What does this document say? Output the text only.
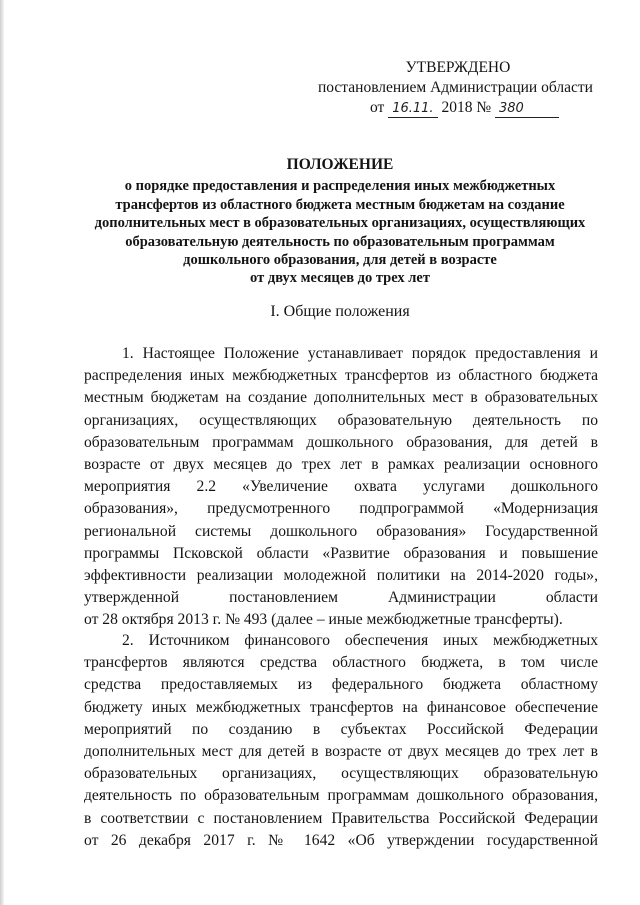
УТВЕРЖДЕНО
постановлением Администрации области
от 16.11. 2018 № 380
ПОЛОЖЕНИЕ
о порядке предоставления и распределения иных межбюджетных
трансфертов из областного бюджета местным бюджетам на создание
дополнительных мест в образовательных организациях, осуществляющих
образовательную деятельность по образовательным программам
дошкольного образования, для детей в возрасте
от двух месяцев до трех лет
I. Общие положения
1. Настоящее Положение устанавливает порядок предоставления и
распределения иных межбюджетных трансфертов из областного бюджета
местным бюджетам на создание дополнительных мест в образовательных
организациях, осуществляющих образовательную деятельность по
образовательным программам дошкольного образования, для детей в
возрасте от двух месяцев до трех лет в рамках реализации основного
мероприятия 2.2 «Увеличение охвата услугами дошкольного
образования», предусмотренного подпрограммой «Модернизация
региональной системы дошкольного образования» Государственной
программы Псковской области «Развитие образования и повышение
эффективности реализации молодежной политики на 2014-2020 годы»,
утвержденной постановлением Администрации области
от 28 октября 2013 г. № 493 (далее – иные межбюджетные трансферты).
2. Источником финансового обеспечения иных межбюджетных
трансфертов являются средства областного бюджета, в том числе
средства предоставляемых из федерального бюджета областному
бюджету иных межбюджетных трансфертов на финансовое обеспечение
мероприятий по созданию в субъектах Российской Федерации
дополнительных мест для детей в возрасте от двух месяцев до трех лет в
образовательных организациях, осуществляющих образовательную
деятельность по образовательным программам дошкольного образования,
в соответствии с постановлением Правительства Российской Федерации
от 26 декабря 2017 г. № 1642 «Об утверждении государственной
